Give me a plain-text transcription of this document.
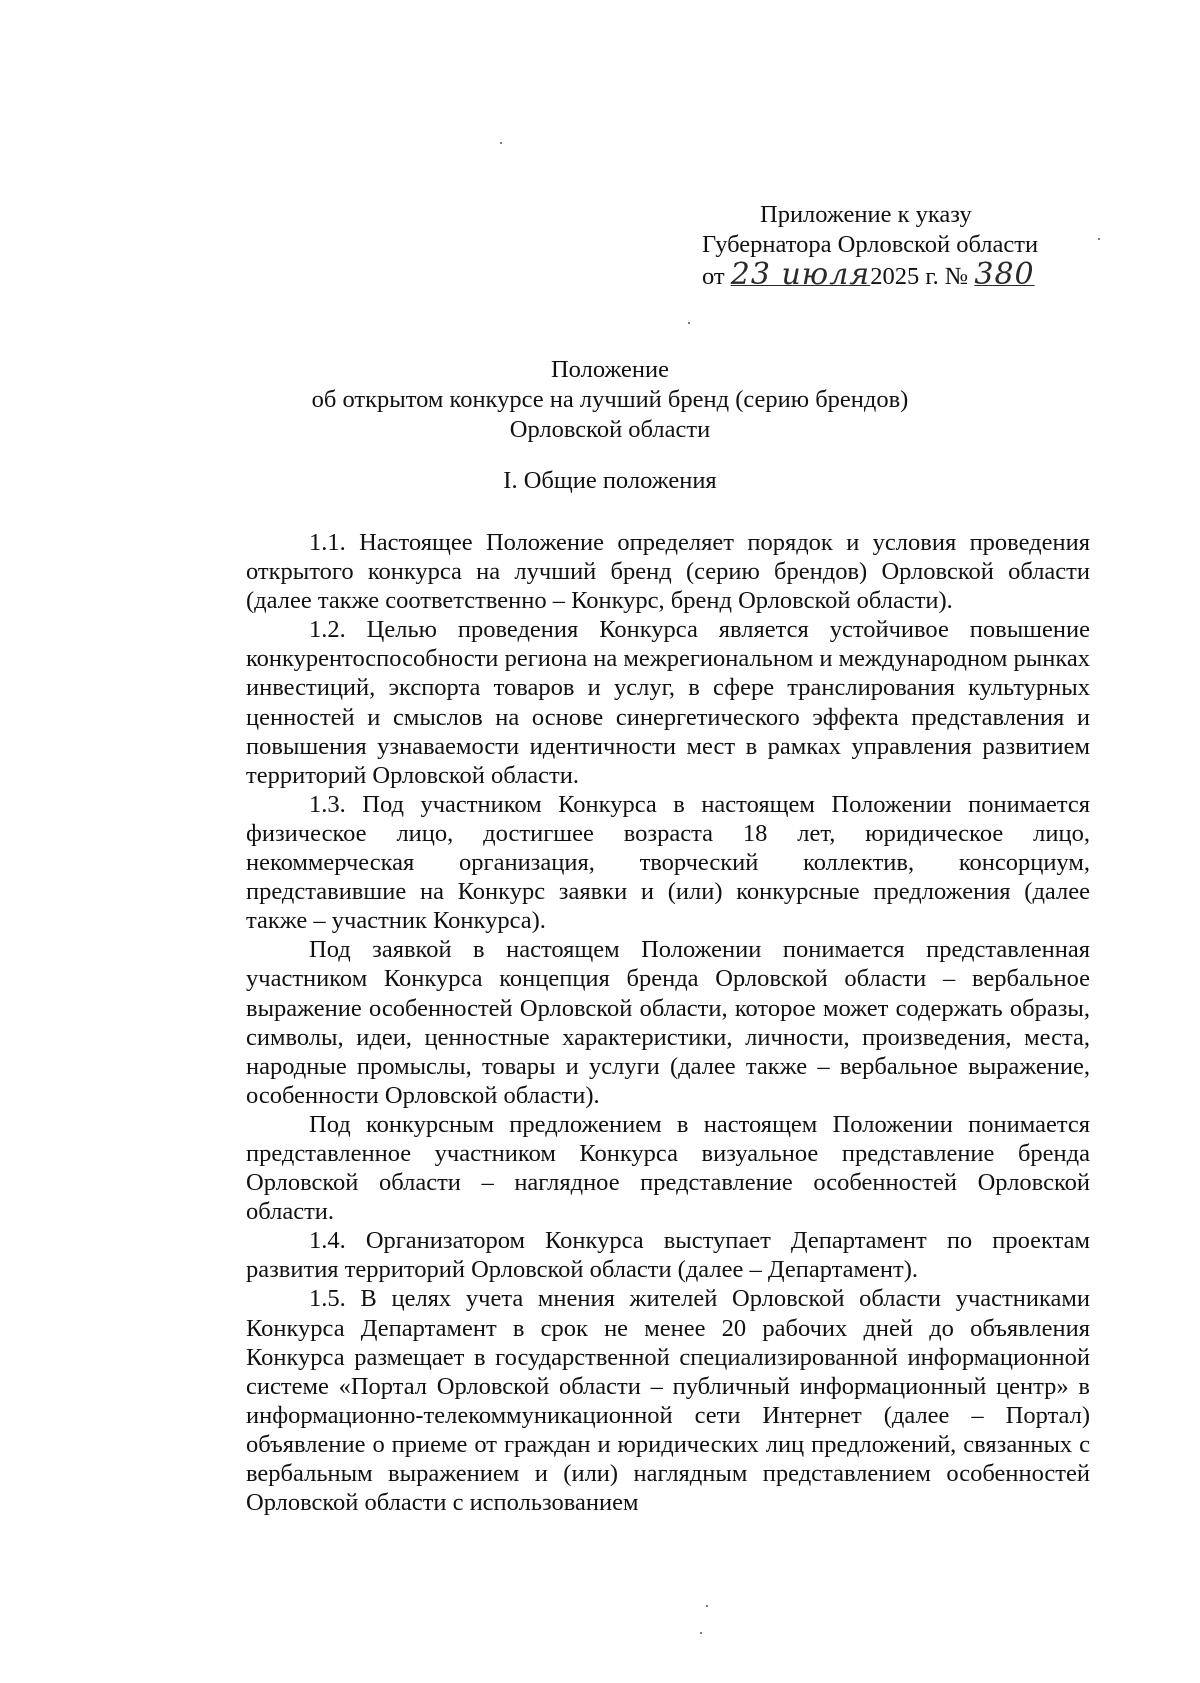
Приложение к указу
Губернатора Орловской области
от 23 июля2025 г. № 380
Положение
об открытом конкурсе на лучший бренд (серию брендов)
Орловской области
I. Общие положения

1.1. Настоящее Положение определяет порядок и условия проведения открытого конкурса на лучший бренд (серию брендов) Орловской области (далее также соответственно – Конкурс, бренд Орловской области).

1.2. Целью проведения Конкурса является устойчивое повышение конкурентоспособности региона на межрегиональном и международном рынках инвестиций, экспорта товаров и услуг, в сфере транслирования культурных ценностей и смыслов на основе синергетического эффекта представления и повышения узнаваемости идентичности мест в рамках управления развитием территорий Орловской области.

1.3. Под участником Конкурса в настоящем Положении понимается физическое лицо, достигшее возраста 18 лет, юридическое лицо, некоммерческая организация, творческий коллектив, консорциум, представившие на Конкурс заявки и (или) конкурсные предложения (далее также – участник Конкурса).

Под заявкой в настоящем Положении понимается представленная участником Конкурса концепция бренда Орловской области – вербальное выражение особенностей Орловской области, которое может содержать образы, символы, идеи, ценностные характеристики, личности, произведения, места, народные промыслы, товары и услуги (далее также – вербальное выражение, особенности Орловской области).

Под конкурсным предложением в настоящем Положении понимается представленное участником Конкурса визуальное представление бренда Орловской области – наглядное представление особенностей Орловской области.

1.4. Организатором Конкурса выступает Департамент по проектам развития территорий Орловской области (далее – Департамент).

1.5. В целях учета мнения жителей Орловской области участниками Конкурса Департамент в срок не менее 20 рабочих дней до объявления Конкурса размещает в государственной специализированной информационной системе «Портал Орловской области – публичный информационный центр» в информационно-телекоммуникационной сети Интернет (далее – Портал) объявление о приеме от граждан и юридических лиц предложений, связанных с вербальным выражением и (или) наглядным представлением особенностей Орловской области с использованием
